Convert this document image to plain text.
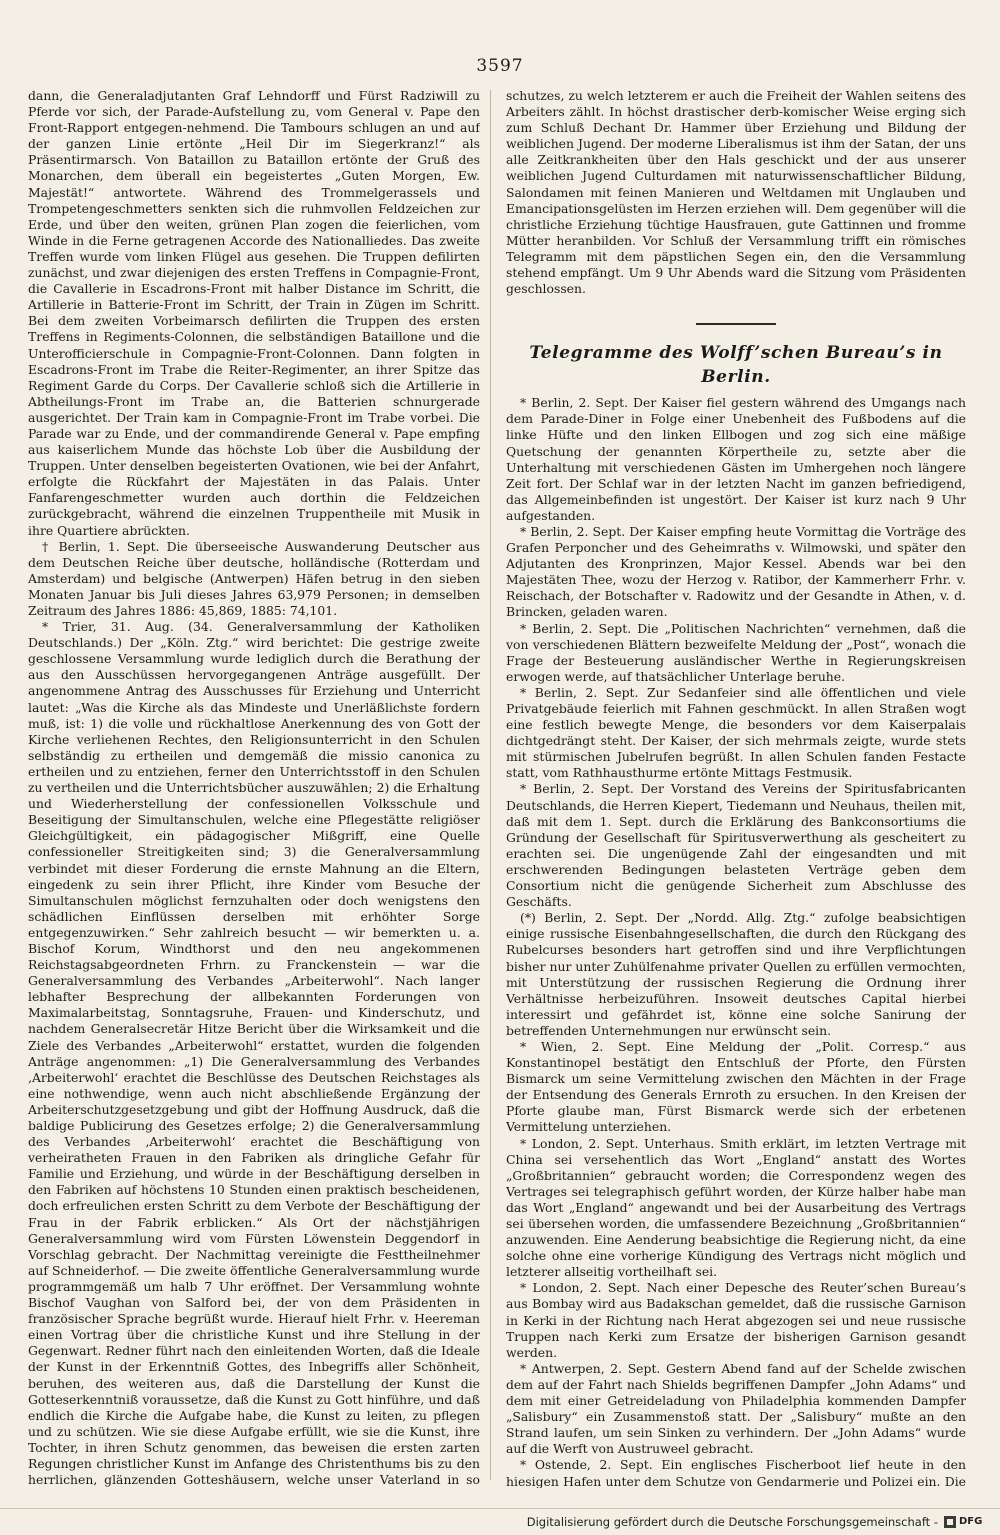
3597

dann, die Generaladjutanten Graf Lehndorff und Fürst Radziwill zu Pferde vor sich, der Parade-Aufstellung zu, vom General v. Pape den Front-Rapport entgegen-nehmend. Die Tambours schlugen an und auf der ganzen Linie ertönte „Heil Dir im Siegerkranz!“ als Präsentirmarsch. Von Bataillon zu Bataillon ertönte der Gruß des Monarchen, dem überall ein begeistertes „Guten Morgen, Ew. Majestät!“ antwortete. Während des Trommelgerassels und Trompetengeschmetters senkten sich die ruhmvollen Feldzeichen zur Erde, und über den weiten, grünen Plan zogen die feierlichen, vom Winde in die Ferne getragenen Accorde des Nationalliedes. Das zweite Treffen wurde vom linken Flügel aus gesehen. Die Truppen defilirten zunächst, und zwar diejenigen des ersten Treffens in Compagnie-Front, die Cavallerie in Escadrons-Front mit halber Distance im Schritt, die Artillerie in Batterie-Front im Schritt, der Train in Zügen im Schritt. Bei dem zweiten Vorbeimarsch defilirten die Truppen des ersten Treffens in Regiments-Colonnen, die selbständigen Bataillone und die Unterofficierschule in Compagnie-Front-Colonnen. Dann folgten in Escadrons-Front im Trabe die Reiter-Regimenter, an ihrer Spitze das Regiment Garde du Corps. Der Cavallerie schloß sich die Artillerie in Abtheilungs-Front im Trabe an, die Batterien schnurgerade ausgerichtet. Der Train kam in Compagnie-Front im Trabe vorbei. Die Parade war zu Ende, und der commandirende General v. Pape empfing aus kaiserlichem Munde das höchste Lob über die Ausbildung der Truppen. Unter denselben begeisterten Ovationen, wie bei der Anfahrt, erfolgte die Rückfahrt der Majestäten in das Palais. Unter Fanfarengeschmetter wurden auch dorthin die Feldzeichen zurückgebracht, während die einzelnen Truppentheile mit Musik in ihre Quartiere abrückten.

† Berlin, 1. Sept. Die überseeische Auswanderung Deutscher aus dem Deutschen Reiche über deutsche, holländische (Rotterdam und Amsterdam) und belgische (Antwerpen) Häfen betrug in den sieben Monaten Januar bis Juli dieses Jahres 63,979 Personen; in demselben Zeitraum des Jahres 1886: 45,869, 1885: 74,101.

* Trier, 31. Aug. (34. Generalversammlung der Katholiken Deutschlands.) Der „Köln. Ztg.“ wird berichtet: Die gestrige zweite geschlossene Versammlung wurde lediglich durch die Berathung der aus den Ausschüssen hervorgegangenen Anträge ausgefüllt. Der angenommene Antrag des Ausschusses für Erziehung und Unterricht lautet: „Was die Kirche als das Mindeste und Unerläßlichste fordern muß, ist: 1) die volle und rückhaltlose Anerkennung des von Gott der Kirche verliehenen Rechtes, den Religionsunterricht in den Schulen selbständig zu ertheilen und demgemäß die missio canonica zu ertheilen und zu entziehen, ferner den Unterrichtsstoff in den Schulen zu vertheilen und die Unterrichtsbücher auszuwählen; 2) die Erhaltung und Wiederherstellung der confessionellen Volksschule und Beseitigung der Simultanschulen, welche eine Pflegestätte religiöser Gleichgültigkeit, ein pädagogischer Mißgriff, eine Quelle confessioneller Streitigkeiten sind; 3) die Generalversammlung verbindet mit dieser Forderung die ernste Mahnung an die Eltern, eingedenk zu sein ihrer Pflicht, ihre Kinder vom Besuche der Simultanschulen möglichst fernzuhalten oder doch wenigstens den schädlichen Einflüssen derselben mit erhöhter Sorge entgegenzuwirken.“ Sehr zahlreich besucht — wir bemerkten u. a. Bischof Korum, Windthorst und den neu angekommenen Reichstagsabgeordneten Frhrn. zu Franckenstein — war die Generalversammlung des Verbandes „Arbeiterwohl“. Nach langer lebhafter Besprechung der allbekannten Forderungen von Maximalarbeitstag, Sonntagsruhe, Frauen- und Kinderschutz, und nachdem Generalsecretär Hitze Bericht über die Wirksamkeit und die Ziele des Verbandes „Arbeiterwohl“ erstattet, wurden die folgenden Anträge angenommen: „1) Die Generalversammlung des Verbandes ‚Arbeiterwohl‘ erachtet die Beschlüsse des Deutschen Reichstages als eine nothwendige, wenn auch nicht abschließende Ergänzung der Arbeiterschutzgesetzgebung und gibt der Hoffnung Ausdruck, daß die baldige Publicirung des Gesetzes erfolge; 2) die Generalversammlung des Verbandes ‚Arbeiterwohl‘ erachtet die Beschäftigung von verheiratheten Frauen in den Fabriken als dringliche Gefahr für Familie und Erziehung, und würde in der Beschäftigung derselben in den Fabriken auf höchstens 10 Stunden einen praktisch bescheidenen, doch erfreulichen ersten Schritt zu dem Verbote der Beschäftigung der Frau in der Fabrik erblicken.“ Als Ort der nächstjährigen Generalversammlung wird vom Fürsten Löwenstein Deggendorf in Vorschlag gebracht. Der Nachmittag vereinigte die Festtheilnehmer auf Schneiderhof. — Die zweite öffentliche Generalversammlung wurde programmgemäß um halb 7 Uhr eröffnet. Der Versammlung wohnte Bischof Vaughan von Salford bei, der von dem Präsidenten in französischer Sprache begrüßt wurde. Hierauf hielt Frhr. v. Heereman einen Vortrag über die christliche Kunst und ihre Stellung in der Gegenwart. Redner führt nach den einleitenden Worten, daß die Ideale der Kunst in der Erkenntniß Gottes, des Inbegriffs aller Schönheit, beruhen, des weiteren aus, daß die Darstellung der Kunst die Gotteserkenntniß voraussetze, daß die Kunst zu Gott hinführe, und daß endlich die Kirche die Aufgabe habe, die Kunst zu leiten, zu pflegen und zu schützen. Wie sie diese Aufgabe erfüllt, wie sie die Kunst, ihre Tochter, in ihren Schutz genommen, das beweisen die ersten zarten Regungen christlicher Kunst im Anfange des Christenthums bis zu den herrlichen, glänzenden Gotteshäusern, welche unser Vaterland in so

schutzes, zu welch letzterem er auch die Freiheit der Wahlen seitens des Arbeiters zählt. In höchst drastischer derb-komischer Weise erging sich zum Schluß Dechant Dr. Hammer über Erziehung und Bildung der weiblichen Jugend. Der moderne Liberalismus ist ihm der Satan, der uns alle Zeitkrankheiten über den Hals geschickt und der aus unserer weiblichen Jugend Culturdamen mit naturwissenschaftlicher Bildung, Salondamen mit feinen Manieren und Weltdamen mit Unglauben und Emancipationsgelüsten im Herzen erziehen will. Dem gegenüber will die christliche Erziehung tüchtige Hausfrauen, gute Gattinnen und fromme Mütter heranbilden. Vor Schluß der Versammlung trifft ein römisches Telegramm mit dem päpstlichen Segen ein, den die Versammlung stehend empfängt. Um 9 Uhr Abends ward die Sitzung vom Präsidenten geschlossen.

Telegramme des Wolff’schen Bureau’s in Berlin.

* Berlin, 2. Sept. Der Kaiser fiel gestern während des Umgangs nach dem Parade-Diner in Folge einer Unebenheit des Fußbodens auf die linke Hüfte und den linken Ellbogen und zog sich eine mäßige Quetschung der genannten Körpertheile zu, setzte aber die Unterhaltung mit verschiedenen Gästen im Umhergehen noch längere Zeit fort. Der Schlaf war in der letzten Nacht im ganzen befriedigend, das Allgemeinbefinden ist ungestört. Der Kaiser ist kurz nach 9 Uhr aufgestanden.

* Berlin, 2. Sept. Der Kaiser empfing heute Vormittag die Vorträge des Grafen Perponcher und des Geheimraths v. Wilmowski, und später den Adjutanten des Kronprinzen, Major Kessel. Abends war bei den Majestäten Thee, wozu der Herzog v. Ratibor, der Kammerherr Frhr. v. Reischach, der Botschafter v. Radowitz und der Gesandte in Athen, v. d. Brincken, geladen waren.

* Berlin, 2. Sept. Die „Politischen Nachrichten“ vernehmen, daß die von verschiedenen Blättern bezweifelte Meldung der „Post“, wonach die Frage der Besteuerung ausländischer Werthe in Regierungskreisen erwogen werde, auf thatsächlicher Unterlage beruhe.

* Berlin, 2. Sept. Zur Sedanfeier sind alle öffentlichen und viele Privatgebäude feierlich mit Fahnen geschmückt. In allen Straßen wogt eine festlich bewegte Menge, die besonders vor dem Kaiserpalais dichtgedrängt steht. Der Kaiser, der sich mehrmals zeigte, wurde stets mit stürmischen Jubelrufen begrüßt. In allen Schulen fanden Festacte statt, vom Rathhausthurme ertönte Mittags Festmusik.

* Berlin, 2. Sept. Der Vorstand des Vereins der Spiritusfabricanten Deutschlands, die Herren Kiepert, Tiedemann und Neuhaus, theilen mit, daß mit dem 1. Sept. durch die Erklärung des Bankconsortiums die Gründung der Gesellschaft für Spiritusverwerthung als gescheitert zu erachten sei. Die ungenügende Zahl der eingesandten und mit erschwerenden Bedingungen belasteten Verträge geben dem Consortium nicht die genügende Sicherheit zum Abschlusse des Geschäfts.

(*) Berlin, 2. Sept. Der „Nordd. Allg. Ztg.“ zufolge beabsichtigen einige russische Eisenbahngesellschaften, die durch den Rückgang des Rubelcurses besonders hart getroffen sind und ihre Verpflichtungen bisher nur unter Zuhülfenahme privater Quellen zu erfüllen vermochten, mit Unterstützung der russischen Regierung die Ordnung ihrer Verhältnisse herbeizuführen. Insoweit deutsches Capital hierbei interessirt und gefährdet ist, könne eine solche Sanirung der betreffenden Unternehmungen nur erwünscht sein.

* Wien, 2. Sept. Eine Meldung der „Polit. Corresp.“ aus Konstantinopel bestätigt den Entschluß der Pforte, den Fürsten Bismarck um seine Vermittelung zwischen den Mächten in der Frage der Entsendung des Generals Ernroth zu ersuchen. In den Kreisen der Pforte glaube man, Fürst Bismarck werde sich der erbetenen Vermittelung unterziehen.

* London, 2. Sept. Unterhaus. Smith erklärt, im letzten Vertrage mit China sei versehentlich das Wort „England“ anstatt des Wortes „Großbritannien“ gebraucht worden; die Correspondenz wegen des Vertrages sei telegraphisch geführt worden, der Kürze halber habe man das Wort „England“ angewandt und bei der Ausarbeitung des Vertrags sei übersehen worden, die umfassendere Bezeichnung „Großbritannien“ anzuwenden. Eine Aenderung beabsichtige die Regierung nicht, da eine solche ohne eine vorherige Kündigung des Vertrags nicht möglich und letzterer allseitig vortheilhaft sei.

* London, 2. Sept. Nach einer Depesche des Reuter’schen Bureau’s aus Bombay wird aus Badakschan gemeldet, daß die russische Garnison in Kerki in der Richtung nach Herat abgezogen sei und neue russische Truppen nach Kerki zum Ersatze der bisherigen Garnison gesandt werden.

* Antwerpen, 2. Sept. Gestern Abend fand auf der Schelde zwischen dem auf der Fahrt nach Shields begriffenen Dampfer „John Adams“ und dem mit einer Getreideladung von Philadelphia kommenden Dampfer „Salisbury“ ein Zusammenstoß statt. Der „Salisbury“ mußte an den Strand laufen, um sein Sinken zu verhindern. Der „John Adams“ wurde auf die Werft von Austruweel gebracht.

* Ostende, 2. Sept. Ein englisches Fischerboot lief heute in den hiesigen Hafen unter dem Schutze von Gendarmerie und Polizei ein. Die

Digitalisierung gefördert durch die Deutsche Forschungsgemeinschaft - DFG
